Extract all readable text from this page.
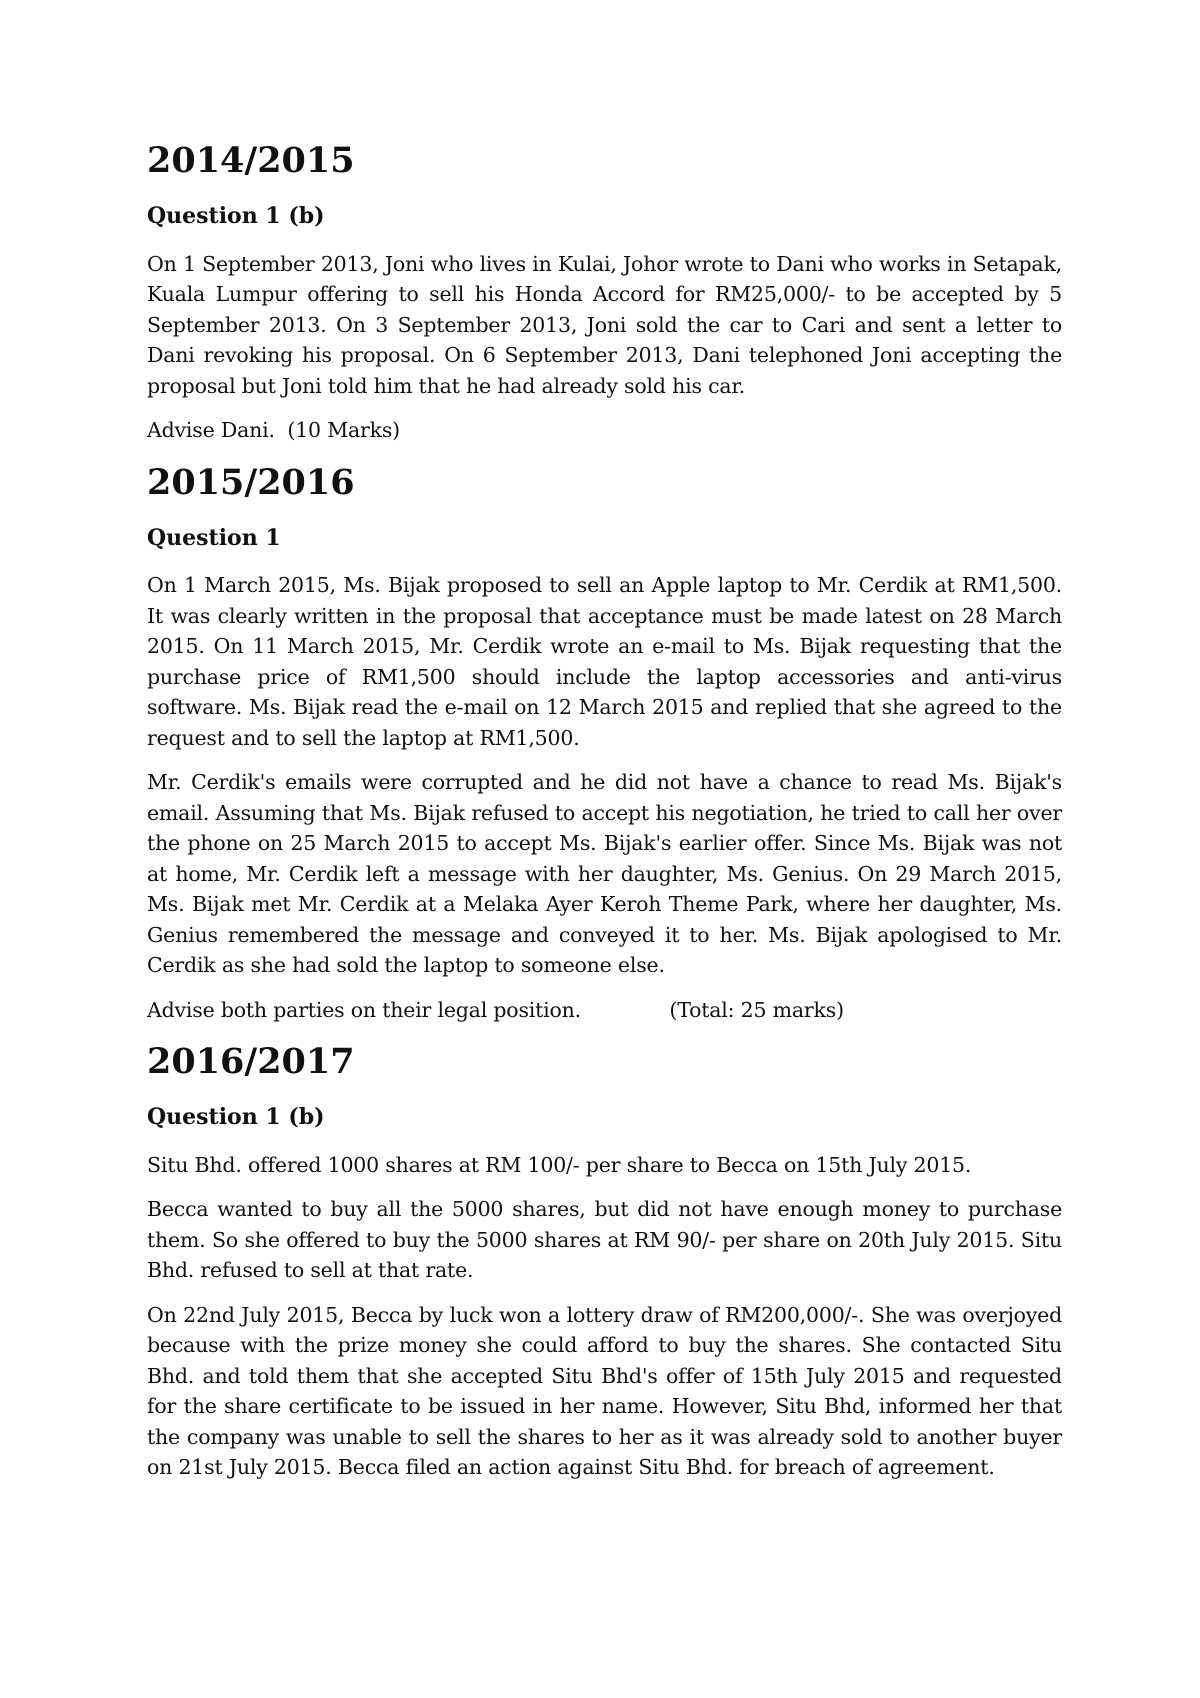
2014/2015
Question 1 (b)

On 1 September 2013, Joni who lives in Kulai, Johor wrote to Dani who works in Setapak, Kuala Lumpur offering to sell his Honda Accord for RM25,000/- to be accepted by 5 September 2013. On 3 September 2013, Joni sold the car to Cari and sent a letter to Dani revoking his proposal. On 6 September 2013, Dani telephoned Joni accepting the proposal but Joni told him that he had already sold his car.

Advise Dani.  (10 Marks)
2015/2016
Question 1

On 1 March 2015, Ms. Bijak proposed to sell an Apple laptop to Mr. Cerdik at RM1,500. It was clearly written in the proposal that acceptance must be made latest on 28 March 2015. On 11 March 2015, Mr. Cerdik wrote an e-mail to Ms. Bijak requesting that the purchase price of RM1,500 should include the laptop accessories and anti-virus software. Ms. Bijak read the e-mail on 12 March 2015 and replied that she agreed to the request and to sell the laptop at RM1,500.

Mr. Cerdik's emails were corrupted and he did not have a chance to read Ms. Bijak's email. Assuming that Ms. Bijak refused to accept his negotiation, he tried to call her over the phone on 25 March 2015 to accept Ms. Bijak's earlier offer. Since Ms. Bijak was not at home, Mr. Cerdik left a message with her daughter, Ms. Genius. On 29 March 2015, Ms. Bijak met Mr. Cerdik at a Melaka Ayer Keroh Theme Park, where her daughter, Ms. Genius remembered the message and conveyed it to her. Ms. Bijak apologised to Mr. Cerdik as she had sold the laptop to someone else.

Advise both parties on their legal position.              (Total: 25 marks)
2016/2017
Question 1 (b)

Situ Bhd. offered 1000 shares at RM 100/- per share to Becca on 15th July 2015.

Becca wanted to buy all the 5000 shares, but did not have enough money to purchase them. So she offered to buy the 5000 shares at RM 90/- per share on 20th July 2015. Situ Bhd. refused to sell at that rate.

On 22nd July 2015, Becca by luck won a lottery draw of RM200,000/-. She was overjoyed because with the prize money she could afford to buy the shares. She contacted Situ Bhd. and told them that she accepted Situ Bhd's offer of 15th July 2015 and requested for the share certificate to be issued in her name. However, Situ Bhd, informed her that the company was unable to sell the shares to her as it was already sold to another buyer on 21st July 2015. Becca filed an action against Situ Bhd. for breach of agreement.
